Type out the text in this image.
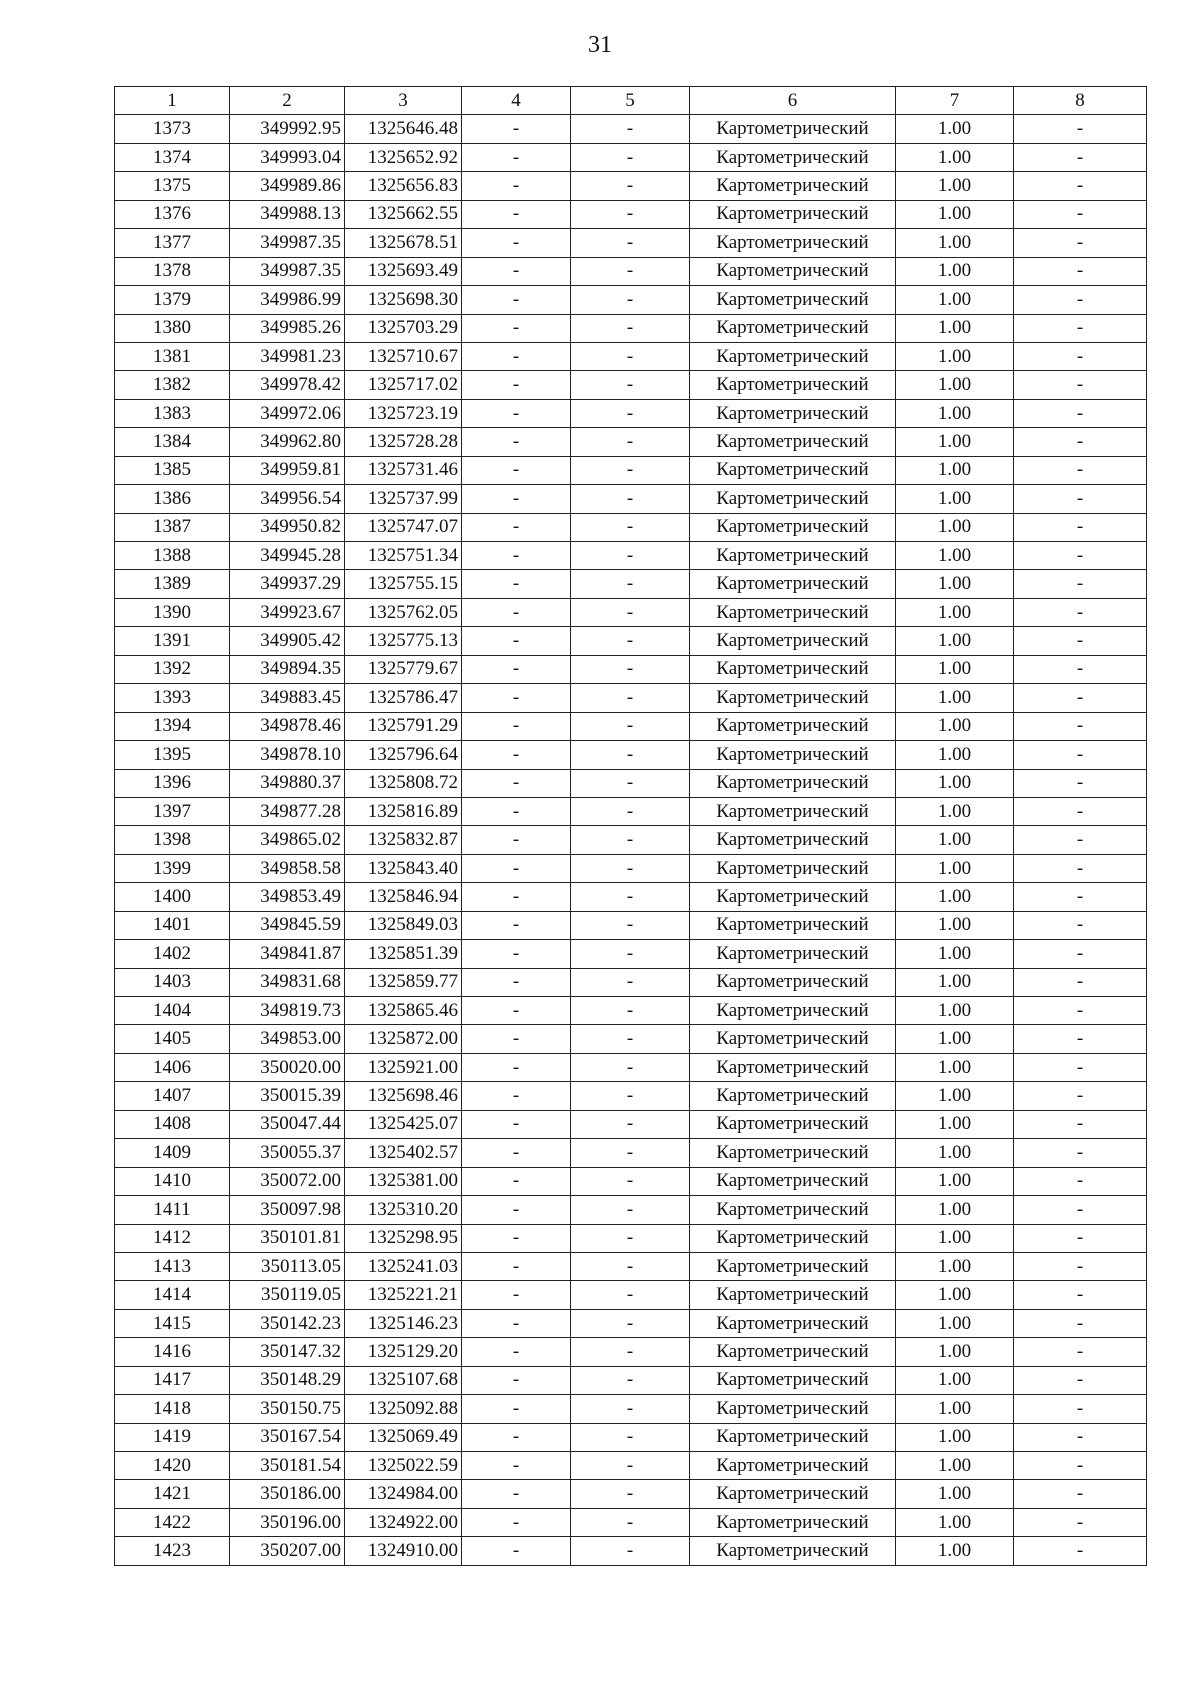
31
1	2	3	4	5	6	7	8
1373	349992.95	1325646.48	-	-	Картометрический	1.00	-
1374	349993.04	1325652.92	-	-	Картометрический	1.00	-
1375	349989.86	1325656.83	-	-	Картометрический	1.00	-
1376	349988.13	1325662.55	-	-	Картометрический	1.00	-
1377	349987.35	1325678.51	-	-	Картометрический	1.00	-
1378	349987.35	1325693.49	-	-	Картометрический	1.00	-
1379	349986.99	1325698.30	-	-	Картометрический	1.00	-
1380	349985.26	1325703.29	-	-	Картометрический	1.00	-
1381	349981.23	1325710.67	-	-	Картометрический	1.00	-
1382	349978.42	1325717.02	-	-	Картометрический	1.00	-
1383	349972.06	1325723.19	-	-	Картометрический	1.00	-
1384	349962.80	1325728.28	-	-	Картометрический	1.00	-
1385	349959.81	1325731.46	-	-	Картометрический	1.00	-
1386	349956.54	1325737.99	-	-	Картометрический	1.00	-
1387	349950.82	1325747.07	-	-	Картометрический	1.00	-
1388	349945.28	1325751.34	-	-	Картометрический	1.00	-
1389	349937.29	1325755.15	-	-	Картометрический	1.00	-
1390	349923.67	1325762.05	-	-	Картометрический	1.00	-
1391	349905.42	1325775.13	-	-	Картометрический	1.00	-
1392	349894.35	1325779.67	-	-	Картометрический	1.00	-
1393	349883.45	1325786.47	-	-	Картометрический	1.00	-
1394	349878.46	1325791.29	-	-	Картометрический	1.00	-
1395	349878.10	1325796.64	-	-	Картометрический	1.00	-
1396	349880.37	1325808.72	-	-	Картометрический	1.00	-
1397	349877.28	1325816.89	-	-	Картометрический	1.00	-
1398	349865.02	1325832.87	-	-	Картометрический	1.00	-
1399	349858.58	1325843.40	-	-	Картометрический	1.00	-
1400	349853.49	1325846.94	-	-	Картометрический	1.00	-
1401	349845.59	1325849.03	-	-	Картометрический	1.00	-
1402	349841.87	1325851.39	-	-	Картометрический	1.00	-
1403	349831.68	1325859.77	-	-	Картометрический	1.00	-
1404	349819.73	1325865.46	-	-	Картометрический	1.00	-
1405	349853.00	1325872.00	-	-	Картометрический	1.00	-
1406	350020.00	1325921.00	-	-	Картометрический	1.00	-
1407	350015.39	1325698.46	-	-	Картометрический	1.00	-
1408	350047.44	1325425.07	-	-	Картометрический	1.00	-
1409	350055.37	1325402.57	-	-	Картометрический	1.00	-
1410	350072.00	1325381.00	-	-	Картометрический	1.00	-
1411	350097.98	1325310.20	-	-	Картометрический	1.00	-
1412	350101.81	1325298.95	-	-	Картометрический	1.00	-
1413	350113.05	1325241.03	-	-	Картометрический	1.00	-
1414	350119.05	1325221.21	-	-	Картометрический	1.00	-
1415	350142.23	1325146.23	-	-	Картометрический	1.00	-
1416	350147.32	1325129.20	-	-	Картометрический	1.00	-
1417	350148.29	1325107.68	-	-	Картометрический	1.00	-
1418	350150.75	1325092.88	-	-	Картометрический	1.00	-
1419	350167.54	1325069.49	-	-	Картометрический	1.00	-
1420	350181.54	1325022.59	-	-	Картометрический	1.00	-
1421	350186.00	1324984.00	-	-	Картометрический	1.00	-
1422	350196.00	1324922.00	-	-	Картометрический	1.00	-
1423	350207.00	1324910.00	-	-	Картометрический	1.00	-
